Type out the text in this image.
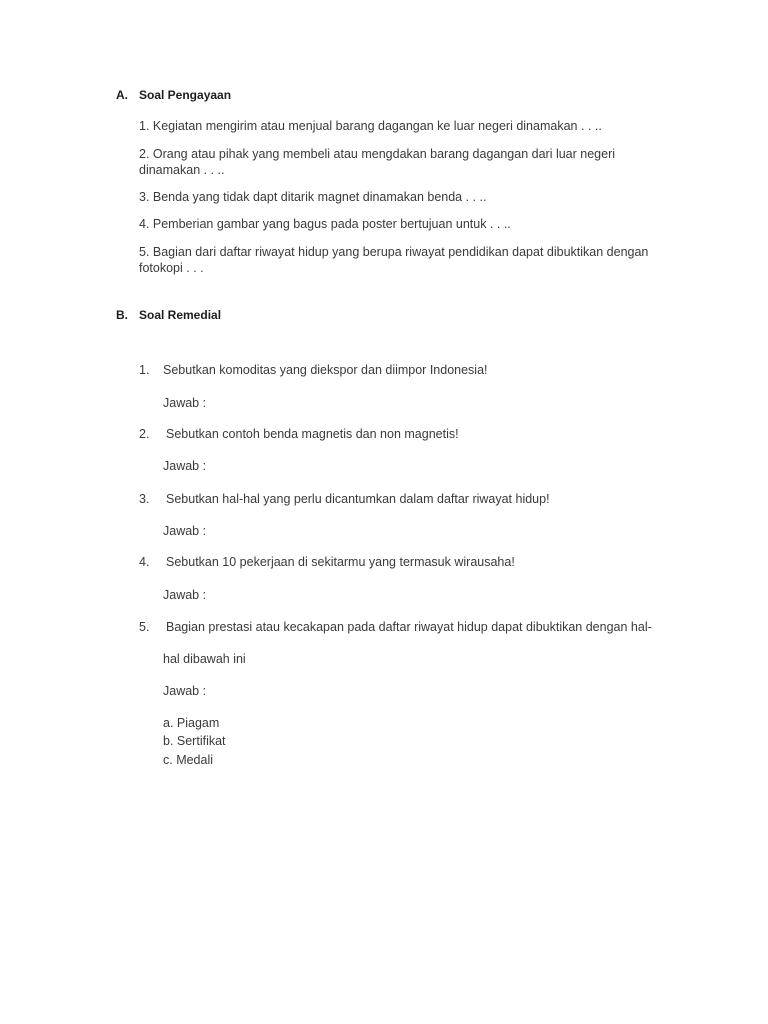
A. Soal Pengayaan
1. Kegiatan mengirim atau menjual barang dagangan ke luar negeri dinamakan . . ..
2. Orang atau pihak yang membeli atau mengdakan barang dagangan dari luar negeri
dinamakan . . ..
3. Benda yang tidak dapt ditarik magnet dinamakan benda . . ..
4. Pemberian gambar yang bagus pada poster bertujuan untuk . . ..
5. Bagian dari daftar riwayat hidup yang berupa riwayat pendidikan dapat dibuktikan dengan
fotokopi . . .
B. Soal Remedial
1. Sebutkan komoditas yang diekspor dan diimpor Indonesia!
Jawab :
2. Sebutkan contoh benda magnetis dan non magnetis!
Jawab :
3. Sebutkan hal-hal yang perlu dicantumkan dalam daftar riwayat hidup!
Jawab :
4. Sebutkan 10 pekerjaan di sekitarmu yang termasuk wirausaha!
Jawab :
5. Bagian prestasi atau kecakapan pada daftar riwayat hidup dapat dibuktikan dengan hal-
hal dibawah ini
Jawab :
a. Piagam
b. Sertifikat
c. Medali
